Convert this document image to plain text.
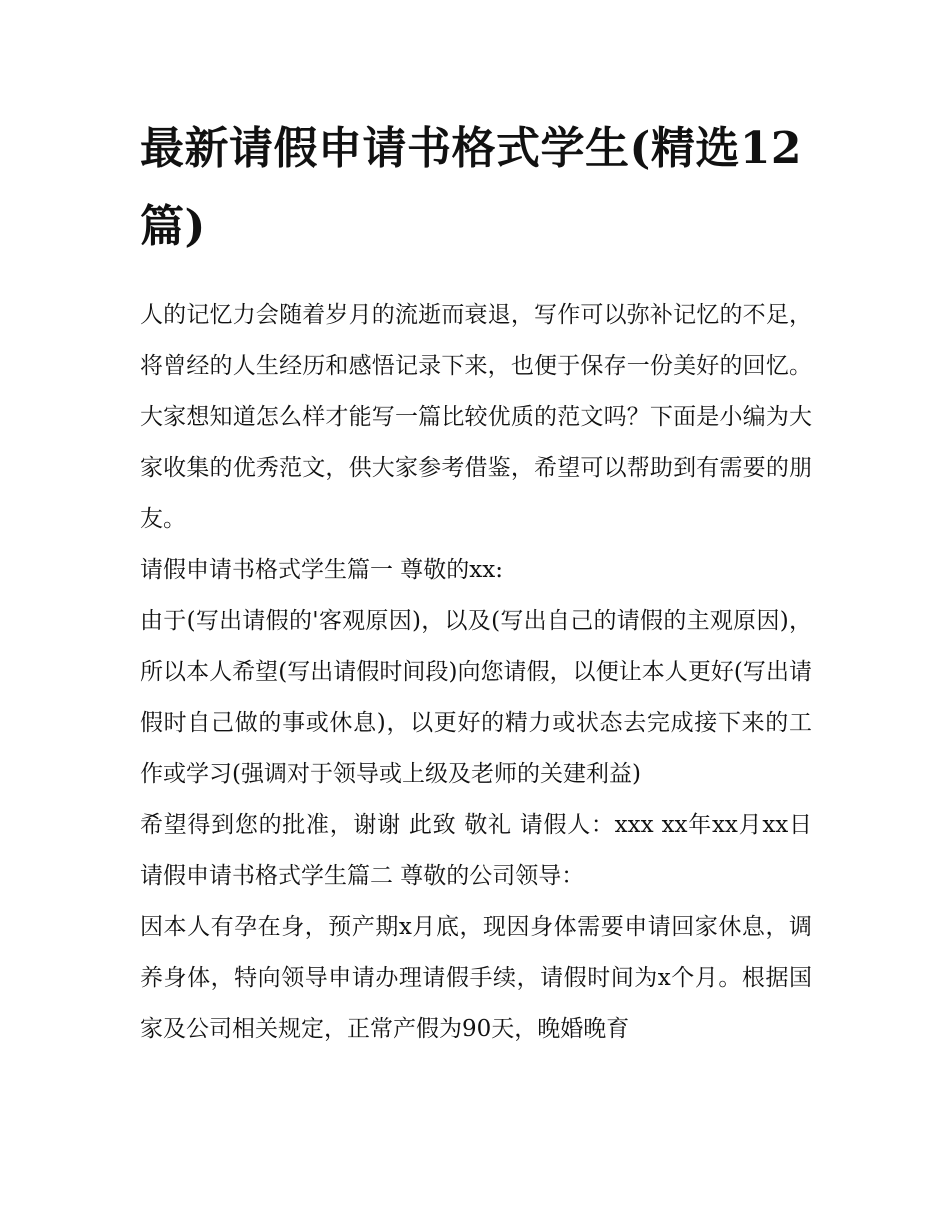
最新请假申请书格式学生(精选12篇)

人的记忆力会随着岁月的流逝而衰退，写作可以弥补记忆的不足，将曾经的人生经历和感悟记录下来，也便于保存一份美好的回忆。大家想知道怎么样才能写一篇比较优质的范文吗？下面是小编为大家收集的优秀范文，供大家参考借鉴，希望可以帮助到有需要的朋友。

请假申请书格式学生篇一 尊敬的xx:

由于(写出请假的'客观原因)，以及(写出自己的请假的主观原因)，所以本人希望(写出请假时间段)向您请假，以便让本人更好(写出请假时自己做的事或休息)，以更好的精力或状态去完成接下来的工作或学习(强调对于领导或上级及老师的关建利益)

希望得到您的批准，谢谢 此致 敬礼 请假人：xxx xx年xx月xx日 请假申请书格式学生篇二 尊敬的公司领导：

因本人有孕在身，预产期x月底，现因身体需要申请回家休息，调养身体，特向领导申请办理请假手续，请假时间为x个月。根据国家及公司相关规定，正常产假为90天，晚婚晚育
